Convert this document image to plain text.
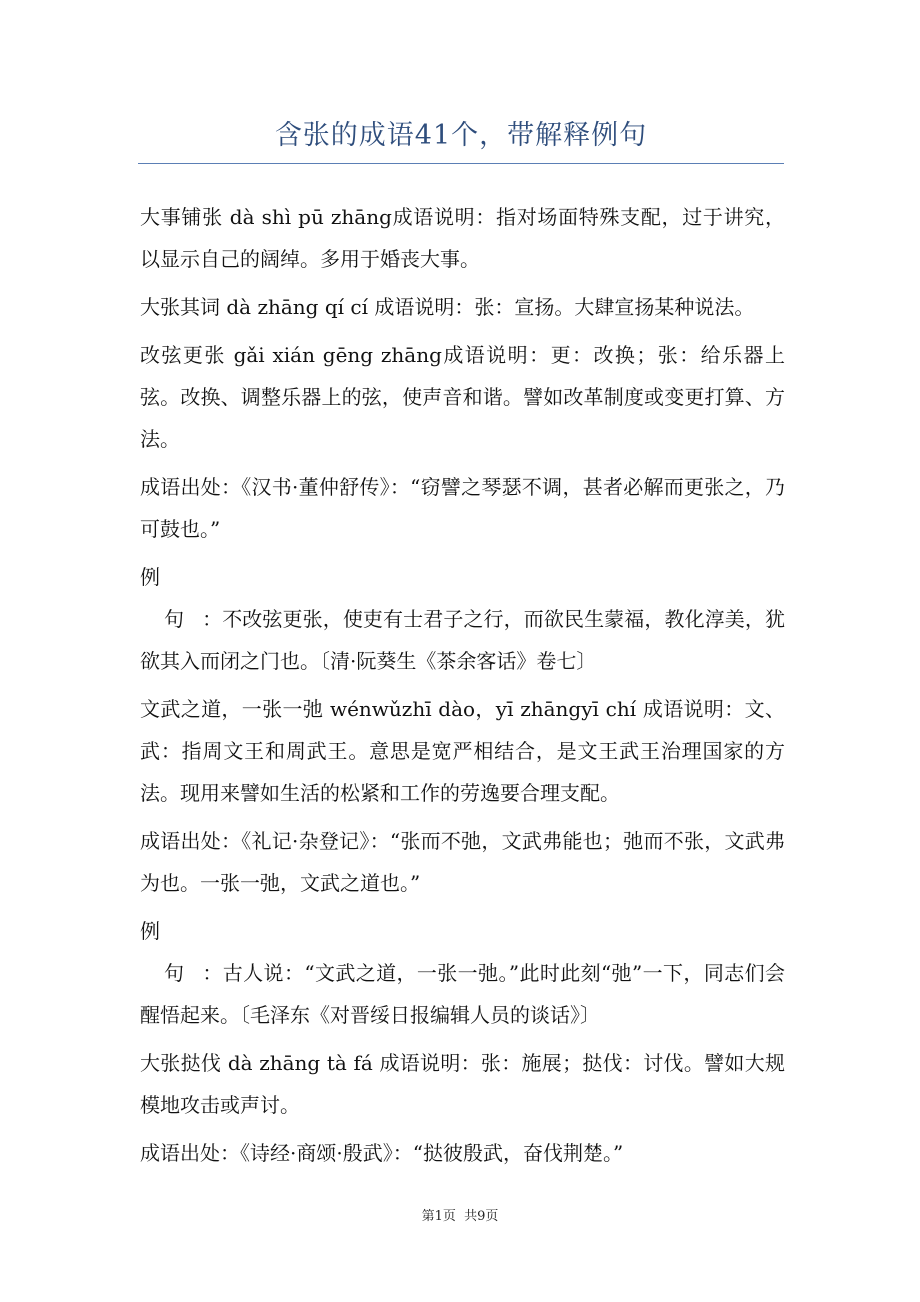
含张的成语41个，带解释例句

大事铺张 dà shì pū zhāng成语说明：指对场面特殊支配，过于讲究，以显示自己的阔绰。多用于婚丧大事。

大张其词 dà zhāng qí cí 成语说明：张：宣扬。大肆宣扬某种说法。

改弦更张 gǎi xián gēng zhāng成语说明：更：改换；张：给乐器上弦。改换、调整乐器上的弦，使声音和谐。譬如改革制度或变更打算、方法。

成语出处：《汉书·董仲舒传》：“窃譬之琴瑟不调，甚者必解而更张之，乃可鼓也。”

例句 ：不改弦更张，使吏有士君子之行，而欲民生蒙福，教化淳美，犹欲其入而闭之门也。〔清·阮葵生《茶余客话》卷七〕

文武之道，一张一弛 wénwǔzhī dào，yī zhāngyī chí 成语说明：文、武：指周文王和周武王。意思是宽严相结合，是文王武王治理国家的方法。现用来譬如生活的松紧和工作的劳逸要合理支配。

成语出处：《礼记·杂登记》：“张而不弛，文武弗能也；弛而不张，文武弗为也。一张一弛，文武之道也。”

例句 ：古人说：“文武之道，一张一弛。”此时此刻“弛”一下，同志们会醒悟起来。〔毛泽东《对晋绥日报编辑人员的谈话》〕

大张挞伐 dà zhāng tà fá 成语说明：张：施展；挞伐：讨伐。譬如大规模地攻击或声讨。

成语出处：《诗经·商颂·殷武》：“挞彼殷武，奋伐荆楚。”

第1页 共9页
